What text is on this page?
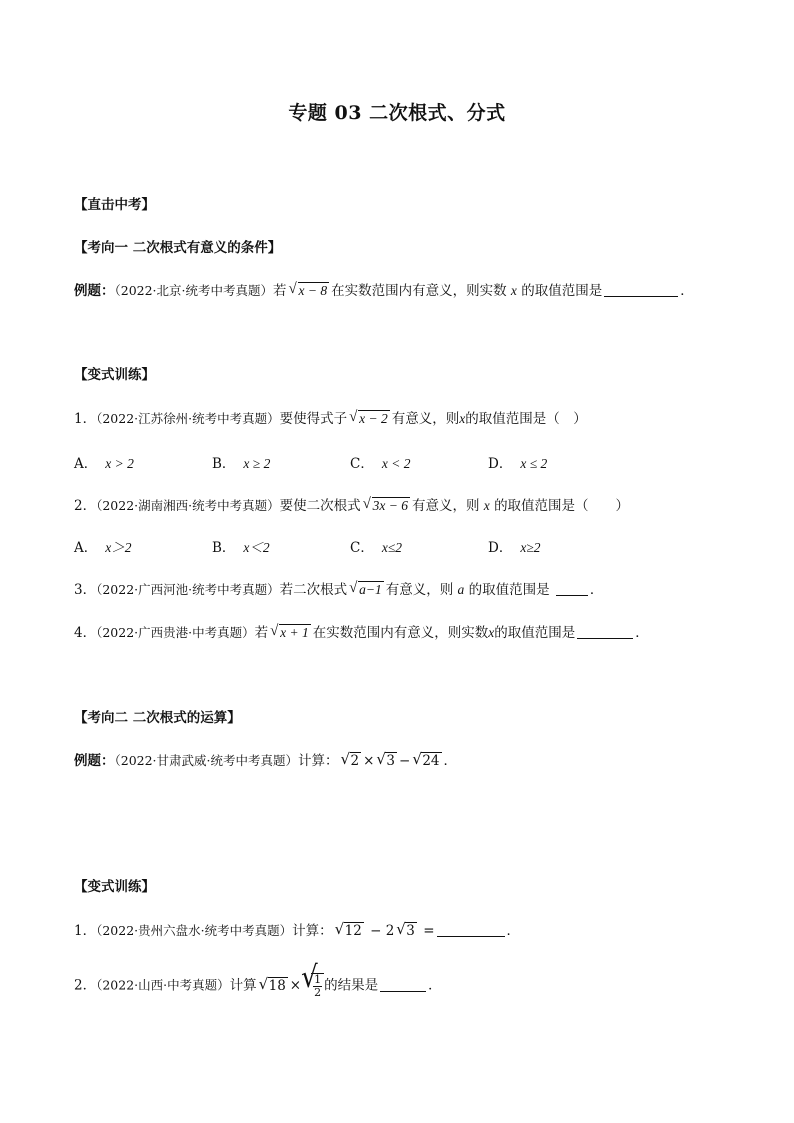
专题 03 二次根式、分式
【直击中考】
【考向一 二次根式有意义的条件】
例题：（2022·北京·统考中考真题）若 √ x − 8 在实数范围内有意义，则实数 x 的取值范围是	．
【变式训练】
1．（2022·江苏徐州·统考中考真题）要使得式子 √ x − 2 有意义，则x的取值范围是（　）
A． x > 2	B． x ≥ 2	C． x < 2	D． x ≤ 2
2．（2022·湖南湘西·统考中考真题）要使二次根式 √ 3x − 6 有意义，则 x 的取值范围是（　　）
A． x＞2	B． x＜2	C． x≤2	D． x≥2
3．（2022·广西河池·统考中考真题）若二次根式 √ a−1 有意义，则 a 的取值范围是	．
4．（2022·广西贵港·中考真题）若 √ x + 1 在实数范围内有意义，则实数x的取值范围是	．
【考向二 二次根式的运算】
例题：（2022·甘肃武威·统考中考真题）计算： √ 2 × √ 3 − √ 24 ．
【变式训练】
1．（2022·贵州六盘水·统考中考真题）计算： √ 12 − 2 √ 3 =	．
2．（2022·山西·中考真题）计算 √ 18 × √ $\frac{1}{2}$ 的结果是	．
